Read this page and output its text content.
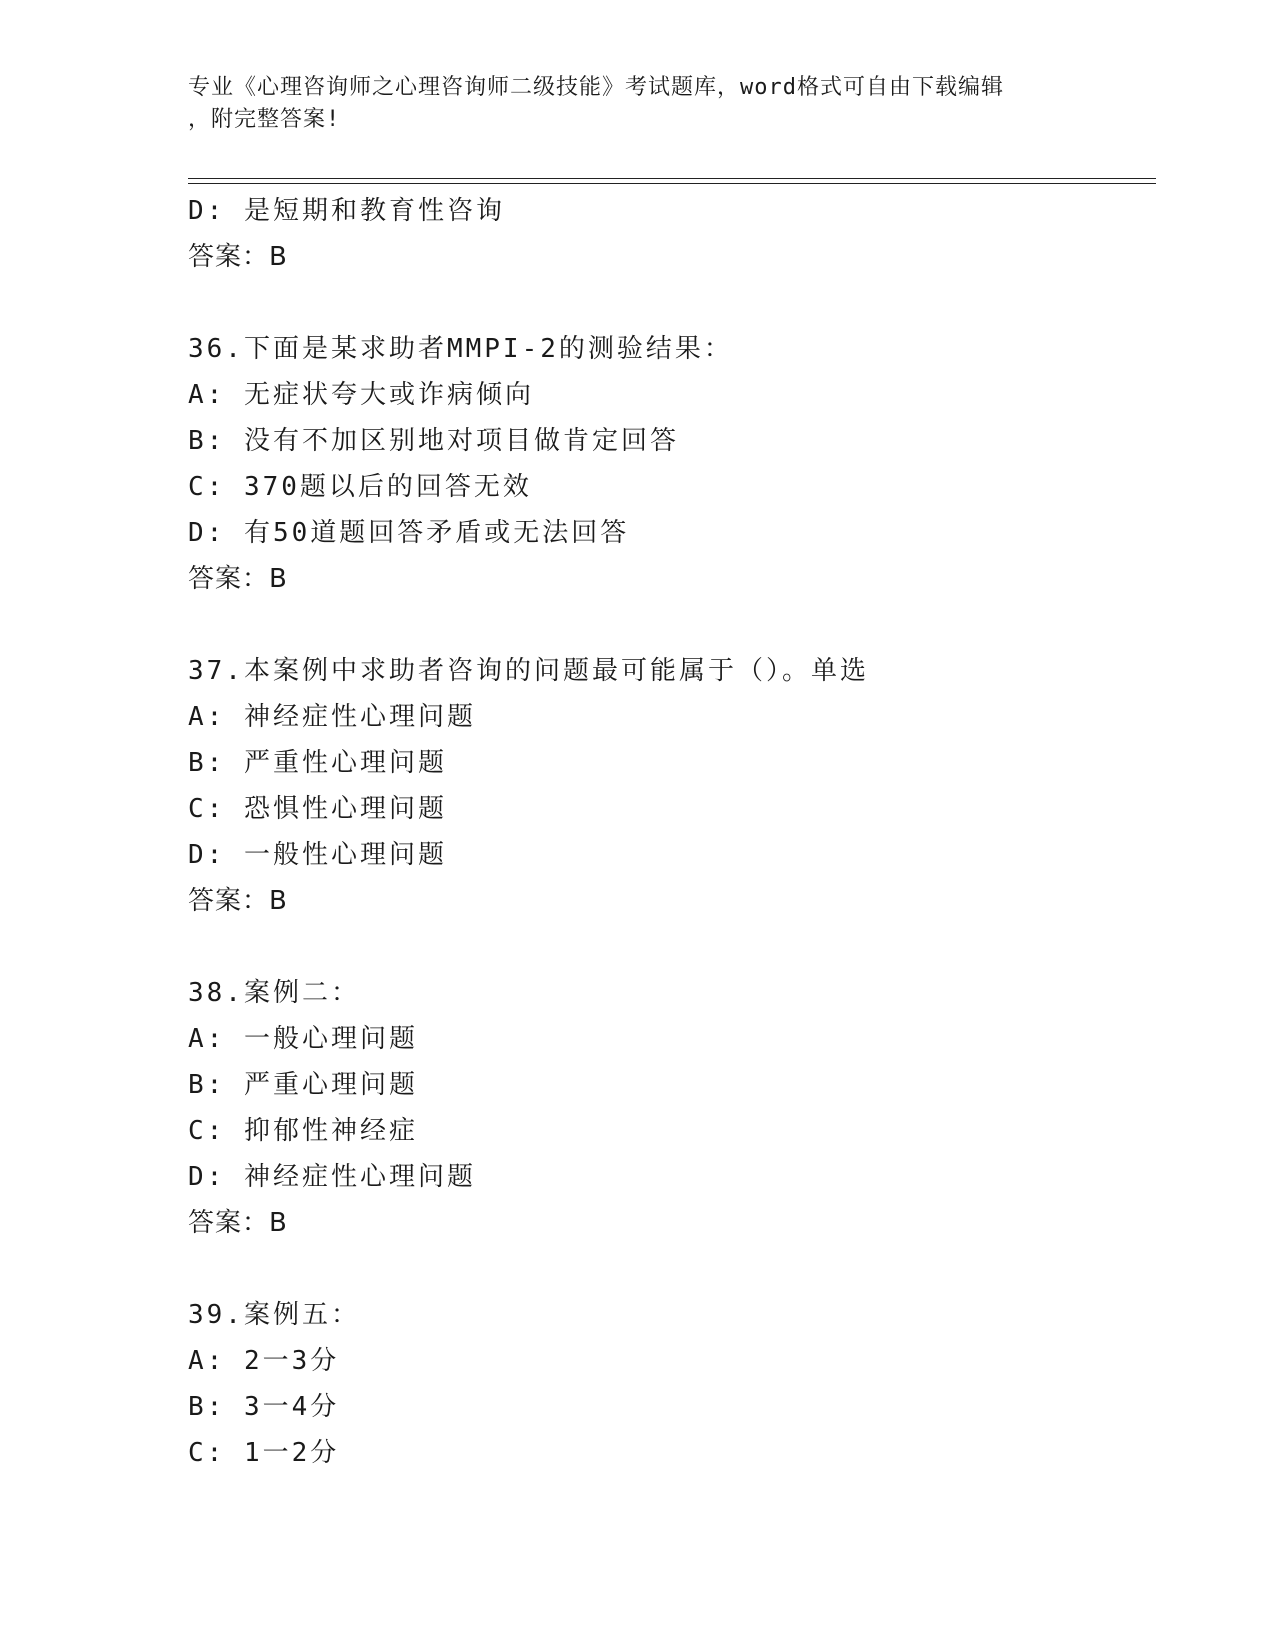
专业《心理咨询师之心理咨询师二级技能》考试题库，word格式可自由下载编辑
，附完整答案!
D: 是短期和教育性咨询
答案：B
36.下面是某求助者MMPI-2的测验结果：
A: 无症状夸大或诈病倾向
B: 没有不加区别地对项目做肯定回答
C: 370题以后的回答无效
D: 有50道题回答矛盾或无法回答
答案：B
37.本案例中求助者咨询的问题最可能属于（）。单选
A: 神经症性心理问题
B: 严重性心理问题
C: 恐惧性心理问题
D: 一般性心理问题
答案：B
38.案例二：
A: 一般心理问题
B: 严重心理问题
C: 抑郁性神经症
D: 神经症性心理问题
答案：B
39.案例五：
A: 2一3分
B: 3一4分
C: 1一2分
